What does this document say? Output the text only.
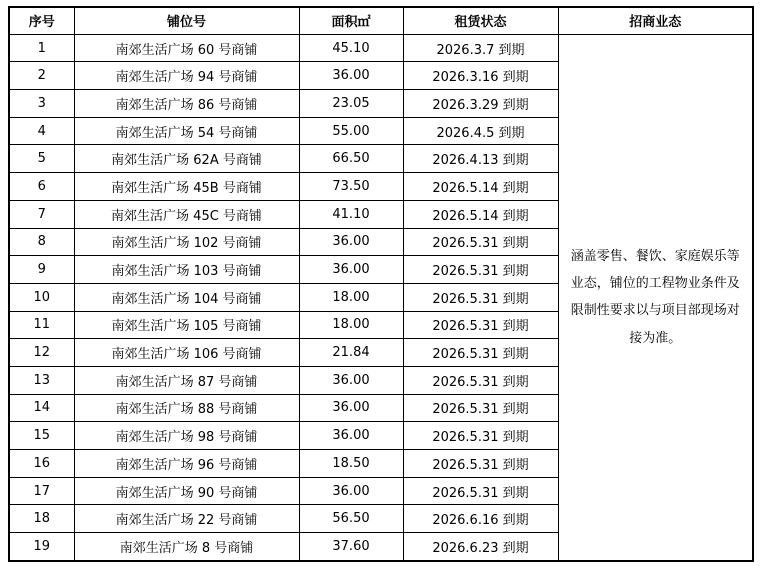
序号	铺位号	面积㎡	租赁状态	招商业态
1	南郊生活广场 60 号商铺	45.10	2026.3.7 到期	涵盖零售、餐饮、家庭娱乐等业态，铺位的工程物业条件及限制性要求以与项目部现场对接为准。
2	南郊生活广场 94 号商铺	36.00	2026.3.16 到期	
3	南郊生活广场 86 号商铺	23.05	2026.3.29 到期	
4	南郊生活广场 54 号商铺	55.00	2026.4.5 到期	
5	南郊生活广场 62A 号商铺	66.50	2026.4.13 到期	
6	南郊生活广场 45B 号商铺	73.50	2026.5.14 到期	
7	南郊生活广场 45C 号商铺	41.10	2026.5.14 到期	
8	南郊生活广场 102 号商铺	36.00	2026.5.31 到期	
9	南郊生活广场 103 号商铺	36.00	2026.5.31 到期	
10	南郊生活广场 104 号商铺	18.00	2026.5.31 到期	
11	南郊生活广场 105 号商铺	18.00	2026.5.31 到期	
12	南郊生活广场 106 号商铺	21.84	2026.5.31 到期	
13	南郊生活广场 87 号商铺	36.00	2026.5.31 到期	
14	南郊生活广场 88 号商铺	36.00	2026.5.31 到期	
15	南郊生活广场 98 号商铺	36.00	2026.5.31 到期	
16	南郊生活广场 96 号商铺	18.50	2026.5.31 到期	
17	南郊生活广场 90 号商铺	36.00	2026.5.31 到期	
18	南郊生活广场 22 号商铺	56.50	2026.6.16 到期	
19	南郊生活广场 8 号商铺	37.60	2026.6.23 到期	
